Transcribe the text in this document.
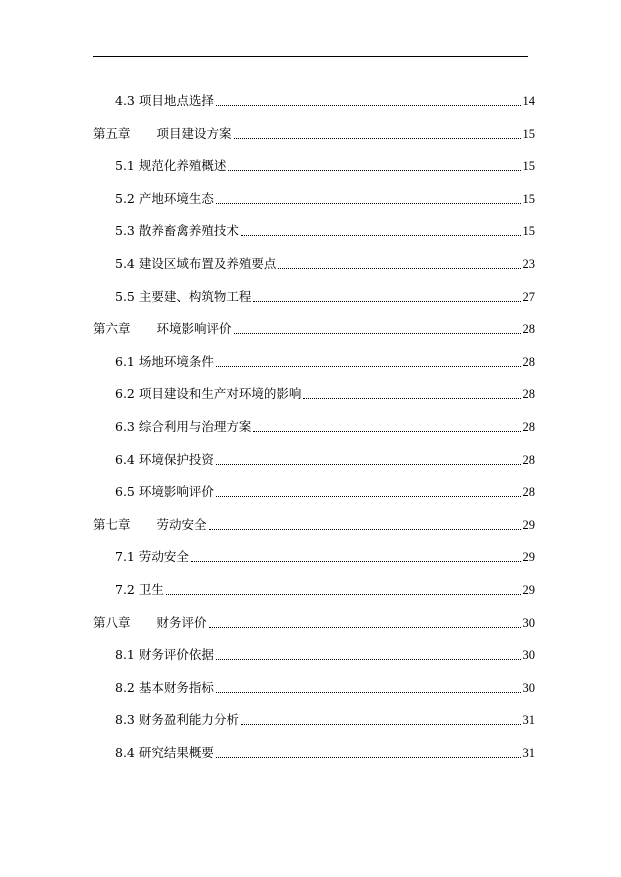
4.3 项目地点选择	14
第五章 项目建设方案	15
5.1 规范化养殖概述	15
5.2 产地环境生态	15
5.3 散养畜禽养殖技术	15
5.4 建设区域布置及养殖要点	23
5.5 主要建、构筑物工程	27
第六章 环境影响评价	28
6.1 场地环境条件	28
6.2 项目建设和生产对环境的影响	28
6.3 综合利用与治理方案	28
6.4 环境保护投资	28
6.5 环境影响评价	28
第七章 劳动安全	29
7.1 劳动安全	29
7.2 卫生	29
第八章 财务评价	30
8.1 财务评价依据	30
8.2 基本财务指标	30
8.3 财务盈利能力分析	31
8.4 研究结果概要	31
